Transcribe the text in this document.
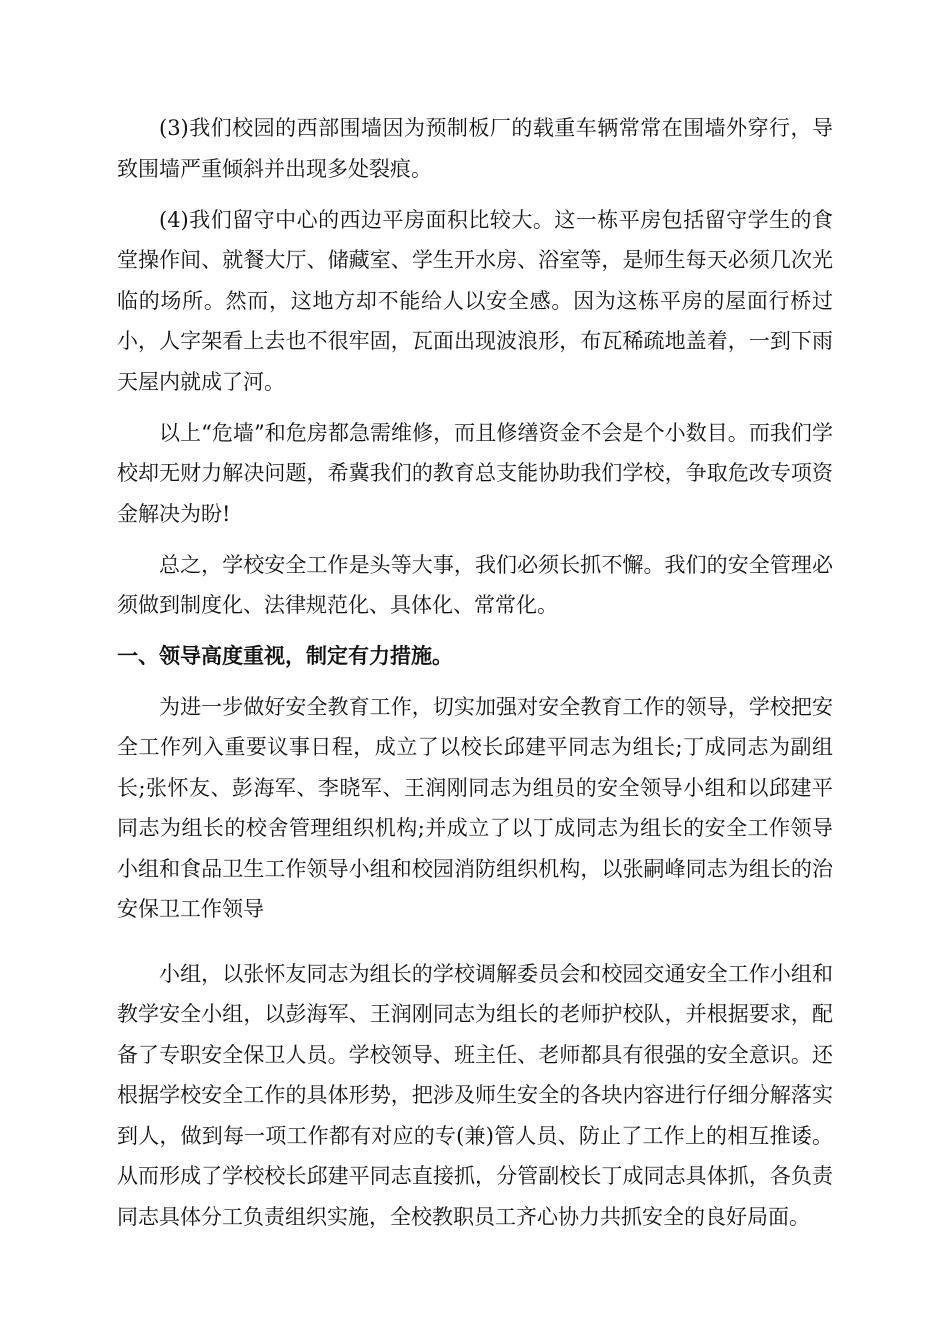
(3)我们校园的西部围墙因为预制板厂的载重车辆常常在围墙外穿行，导致围墙严重倾斜并出现多处裂痕。

(4)我们留守中心的西边平房面积比较大。这一栋平房包括留守学生的食堂操作间、就餐大厅、储藏室、学生开水房、浴室等，是师生每天必须几次光临的场所。然而，这地方却不能给人以安全感。因为这栋平房的屋面行桥过小，人字架看上去也不很牢固，瓦面出现波浪形，布瓦稀疏地盖着，一到下雨天屋内就成了河。

以上“危墙”和危房都急需维修，而且修缮资金不会是个小数目。而我们学校却无财力解决问题，希冀我们的教育总支能协助我们学校，争取危改专项资金解决为盼!

总之，学校安全工作是头等大事，我们必须长抓不懈。我们的安全管理必须做到制度化、法律规范化、具体化、常常化。

一、领导高度重视，制定有力措施。

为进一步做好安全教育工作，切实加强对安全教育工作的领导，学校把安全工作列入重要议事日程，成立了以校长邱建平同志为组长;丁成同志为副组长;张怀友、彭海军、李晓军、王润刚同志为组员的安全领导小组和以邱建平同志为组长的校舍管理组织机构;并成立了以丁成同志为组长的安全工作领导小组和食品卫生工作领导小组和校园消防组织机构，以张嗣峰同志为组长的治安保卫工作领导

小组，以张怀友同志为组长的学校调解委员会和校园交通安全工作小组和教学安全小组，以彭海军、王润刚同志为组长的老师护校队，并根据要求，配备了专职安全保卫人员。学校领导、班主任、老师都具有很强的安全意识。还根据学校安全工作的具体形势，把涉及师生安全的各块内容进行仔细分解落实到人，做到每一项工作都有对应的专(兼)管人员、防止了工作上的相互推诿。从而形成了学校校长邱建平同志直接抓，分管副校长丁成同志具体抓，各负责同志具体分工负责组织实施，全校教职员工齐心协力共抓安全的良好局面。
